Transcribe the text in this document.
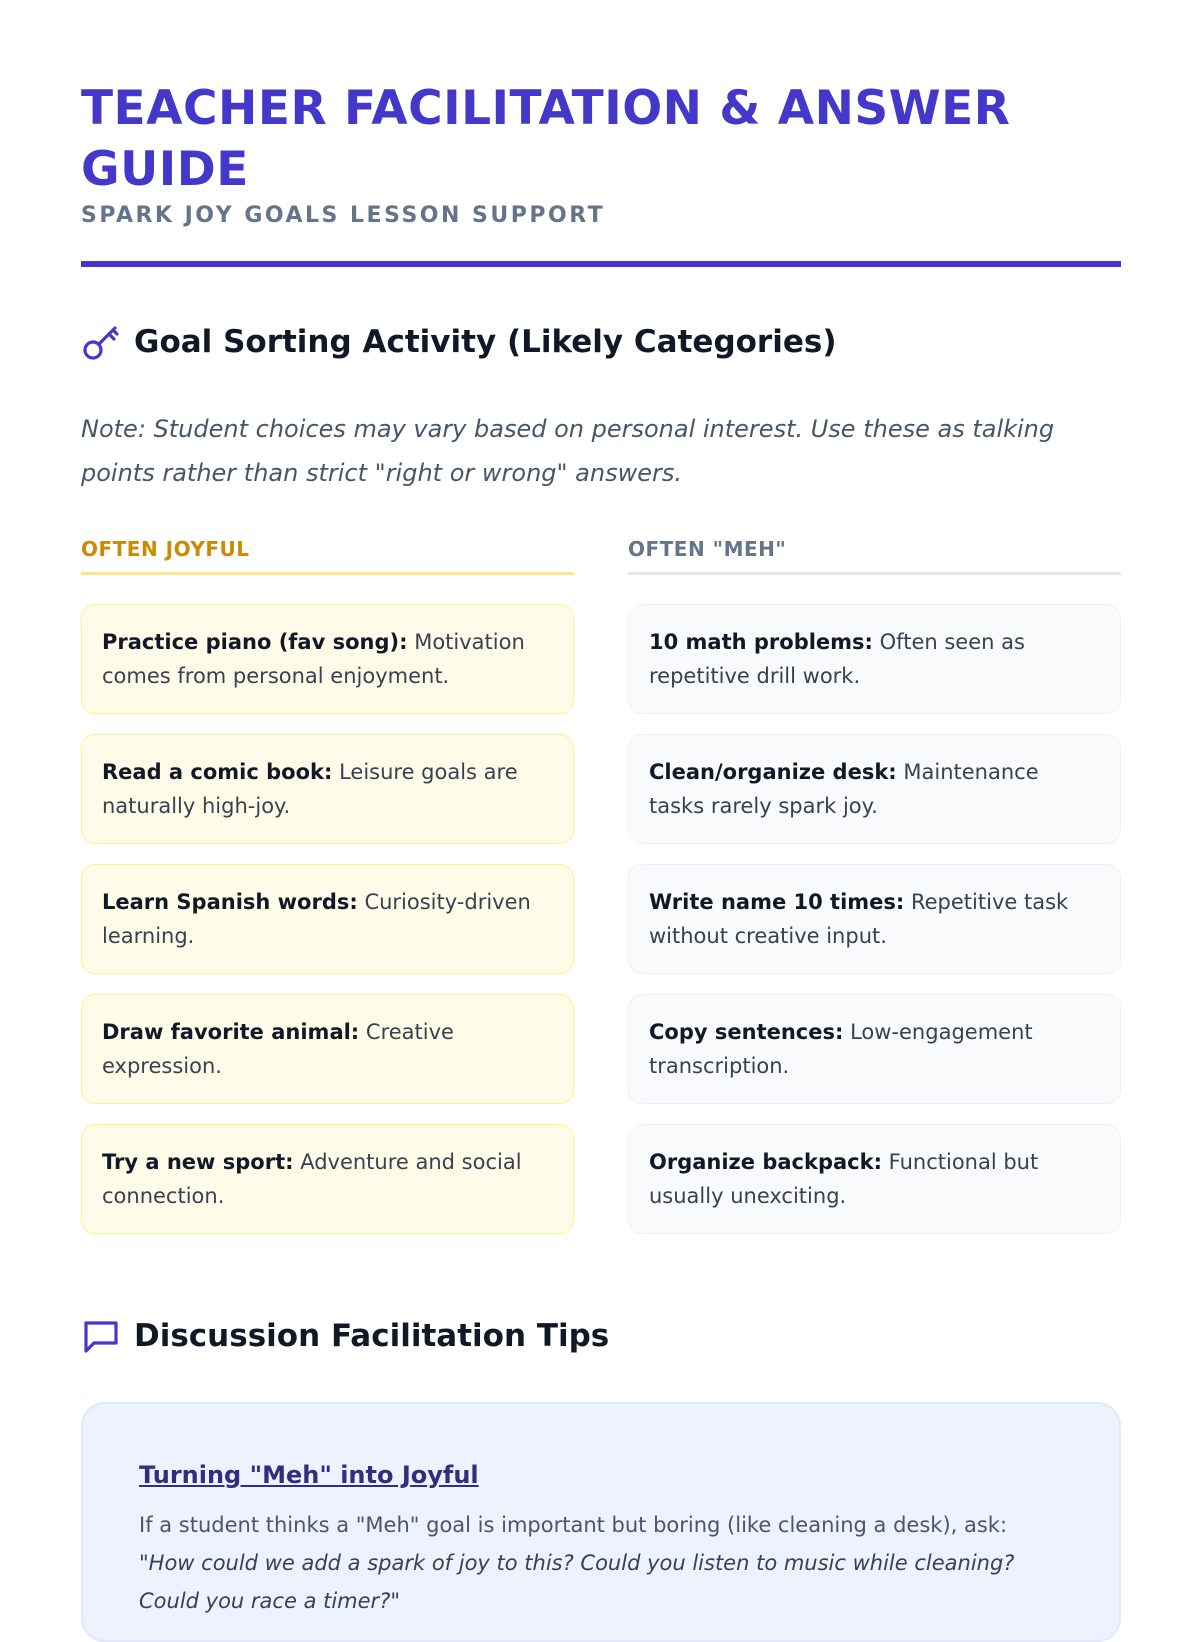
TEACHER FACILITATION & ANSWER GUIDE
SPARK JOY GOALS LESSON SUPPORT
Goal Sorting Activity (Likely Categories)
Note: Student choices may vary based on personal interest. Use these as talking points rather than strict "right or wrong" answers.
OFTEN JOYFUL
Practice piano (fav song): Motivation comes from personal enjoyment.
Read a comic book: Leisure goals are naturally high-joy.
Learn Spanish words: Curiosity-driven learning.
Draw favorite animal: Creative expression.
Try a new sport: Adventure and social connection.
OFTEN "MEH"
10 math problems: Often seen as repetitive drill work.
Clean/organize desk: Maintenance tasks rarely spark joy.
Write name 10 times: Repetitive task without creative input.
Copy sentences: Low-engagement transcription.
Organize backpack: Functional but usually unexciting.
Discussion Facilitation Tips
Turning "Meh" into Joyful
If a student thinks a "Meh" goal is important but boring (like cleaning a desk), ask:
"How could we add a spark of joy to this? Could you listen to music while cleaning? Could you race a timer?"
